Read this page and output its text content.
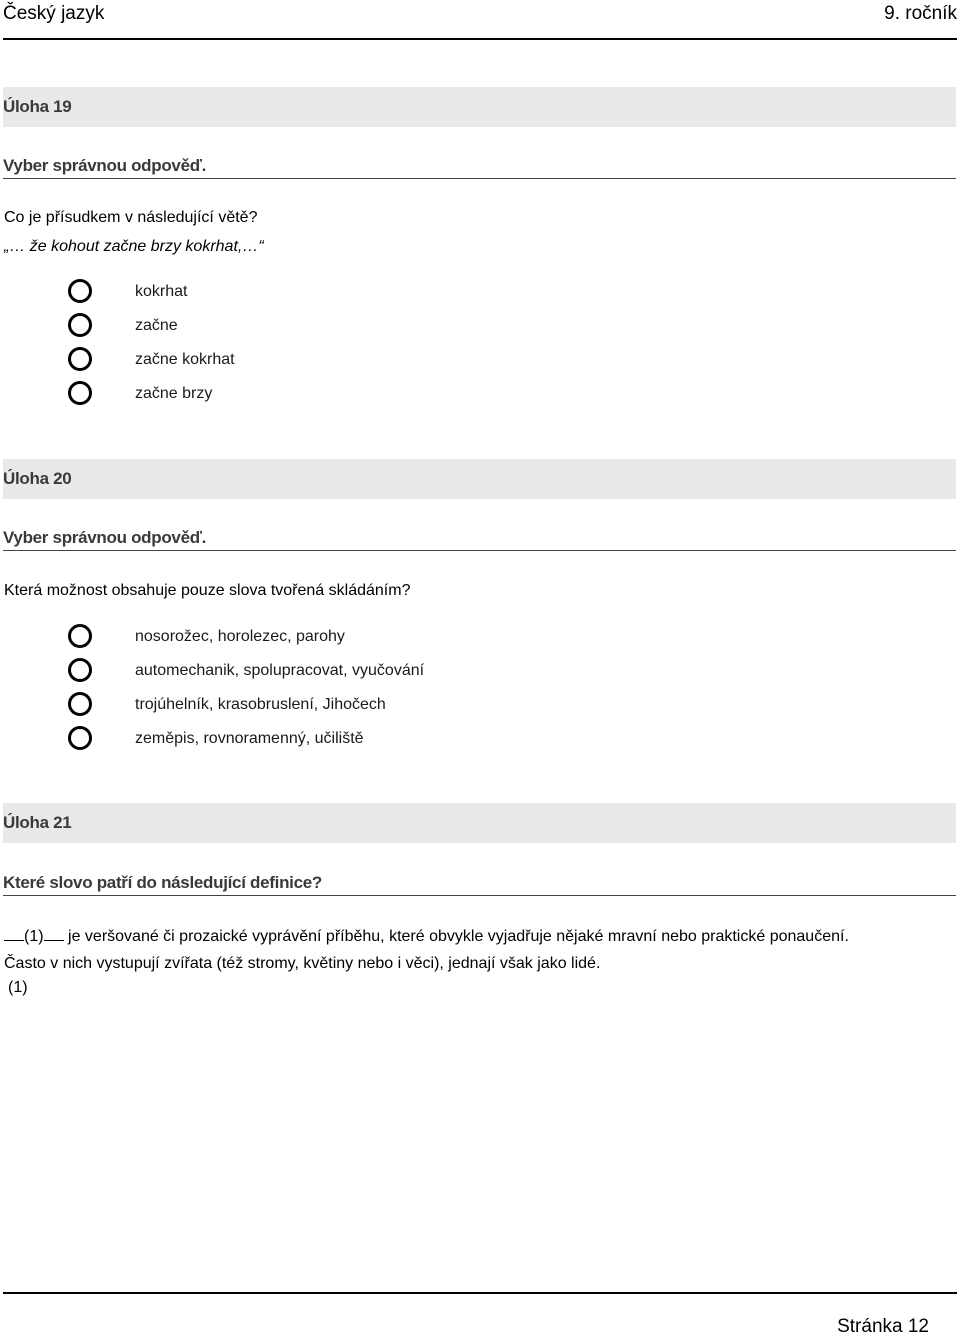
Český jazyk	9. ročník
Úloha 19
Vyber správnou odpověď.
Co je přísudkem v následující větě?
„… že kohout začne brzy kokrhat,…“
kokrhat
začne
začne kokrhat
začne brzy
Úloha 20
Vyber správnou odpověď.
Která možnost obsahuje pouze slova tvořená skládáním?
nosorožec, horolezec, parohy
automechanik, spolupracovat, vyučování
trojúhelník, krasobruslení, Jihočech
zeměpis, rovnoramenný, učiliště
Úloha 21
Které slovo patří do následující definice?
(1) je veršované či prozaické vyprávění příběhu, které obvykle vyjadřuje nějaké mravní nebo praktické ponaučení.
Často v nich vystupují zvířata (též stromy, květiny nebo i věci), jednají však jako lidé.
(1)
Stránka 12
